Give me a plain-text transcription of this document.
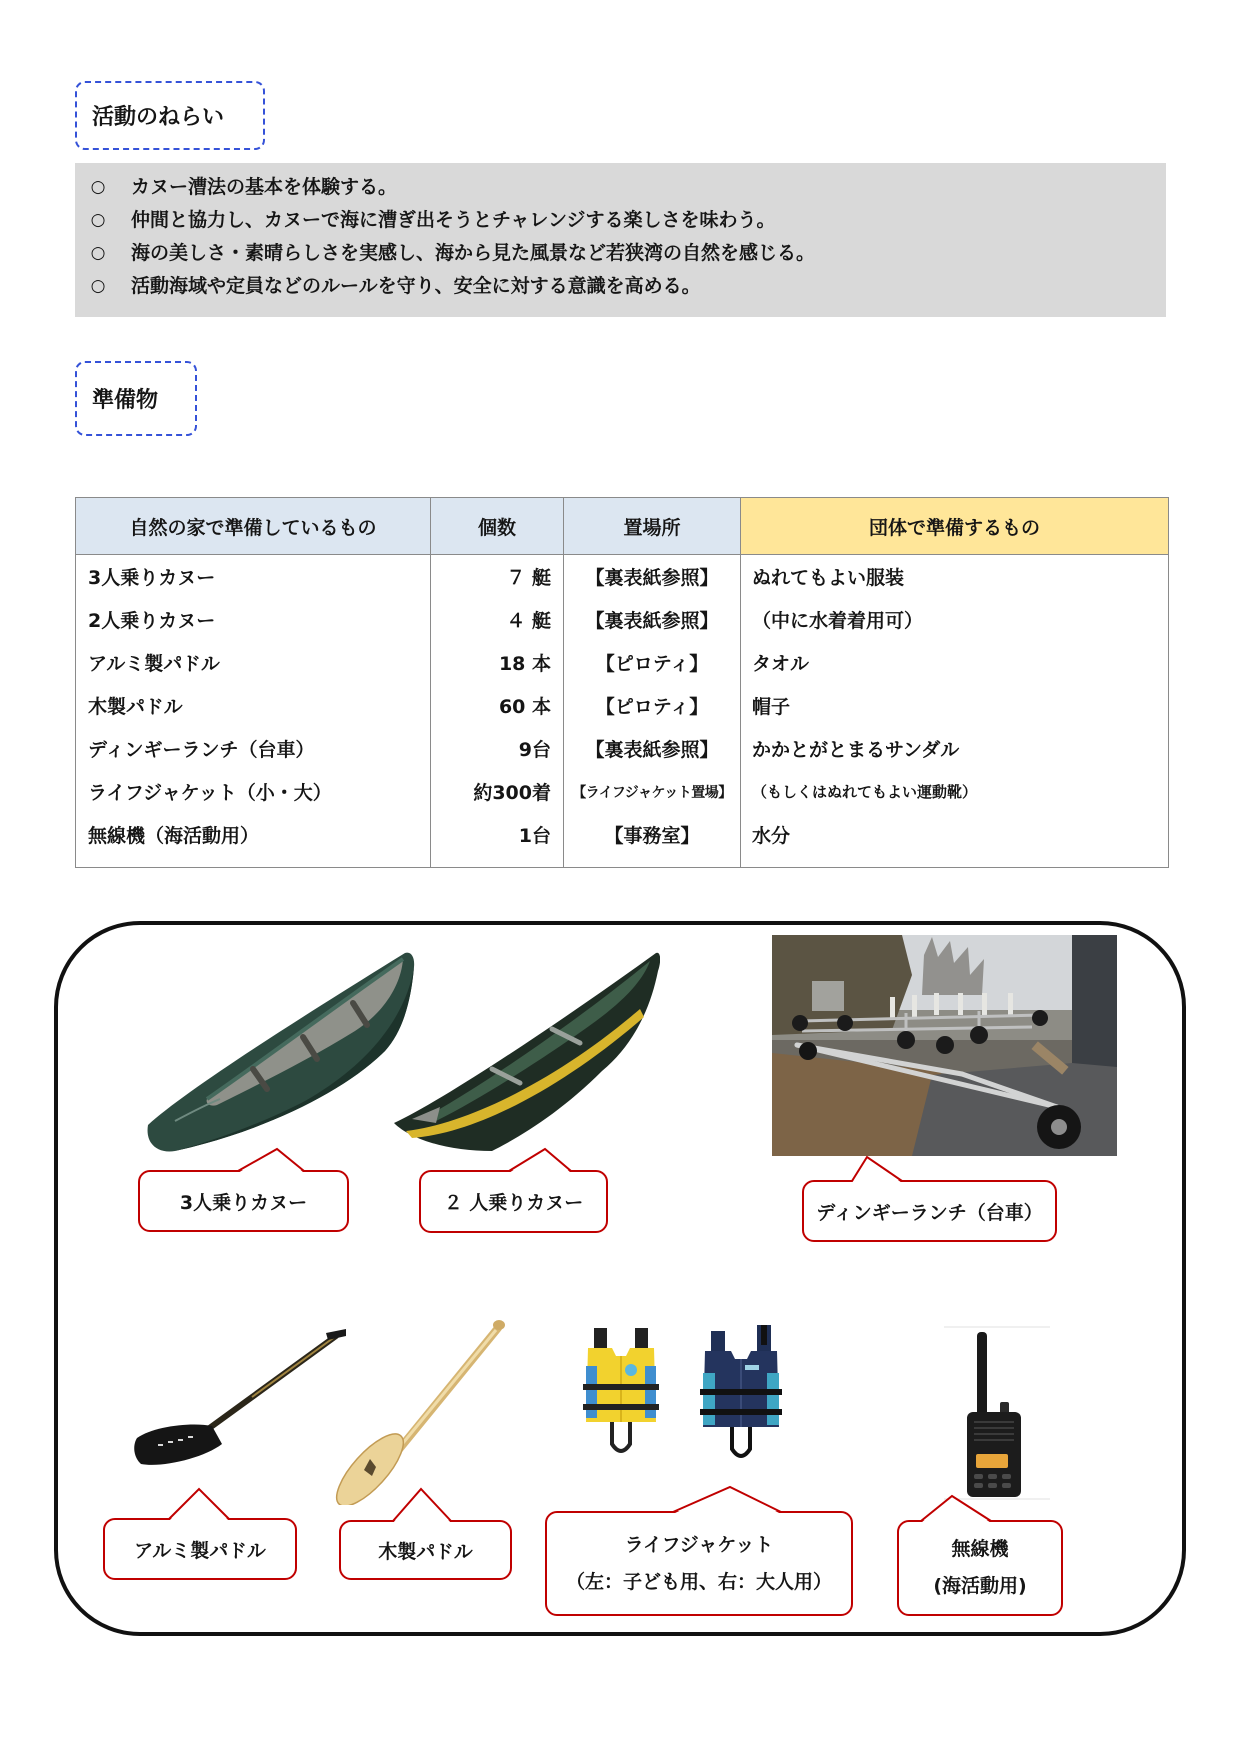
活動のねらい
○ カヌー漕法の基本を体験する。
○ 仲間と協力し、カヌーで海に漕ぎ出そうとチャレンジする楽しさを味わう。
○ 海の美しさ・素晴らしさを実感し、海から見た風景など若狭湾の自然を感じる。
○ 活動海域や定員などのルールを守り、安全に対する意識を高める。
準備物
自然の家で準備しているもの	個数	置場所	団体で準備するもの
3人乗りカヌー	７ 艇	【裏表紙参照】	ぬれてもよい服装
2人乗りカヌー	４ 艇	【裏表紙参照】	（中に水着着用可）
アルミ製パドル	18 本	【ピロティ】	タオル
木製パドル	60 本	【ピロティ】	帽子
ディンギーランチ（台車）	9台	【裏表紙参照】	かかとがとまるサンダル
ライフジャケット（小・大）	約300着	【ライフジャケット置場】	（もしくはぬれてもよい運動靴）
無線機（海活動用）	1台	【事務室】	水分
3人乗りカヌー	２ 人乗りカヌー	ディンギーランチ（台車）
アルミ製パドル	木製パドル	ライフジャケット
（左：子ども用、右：大人用）
無線機
(海活動用)
